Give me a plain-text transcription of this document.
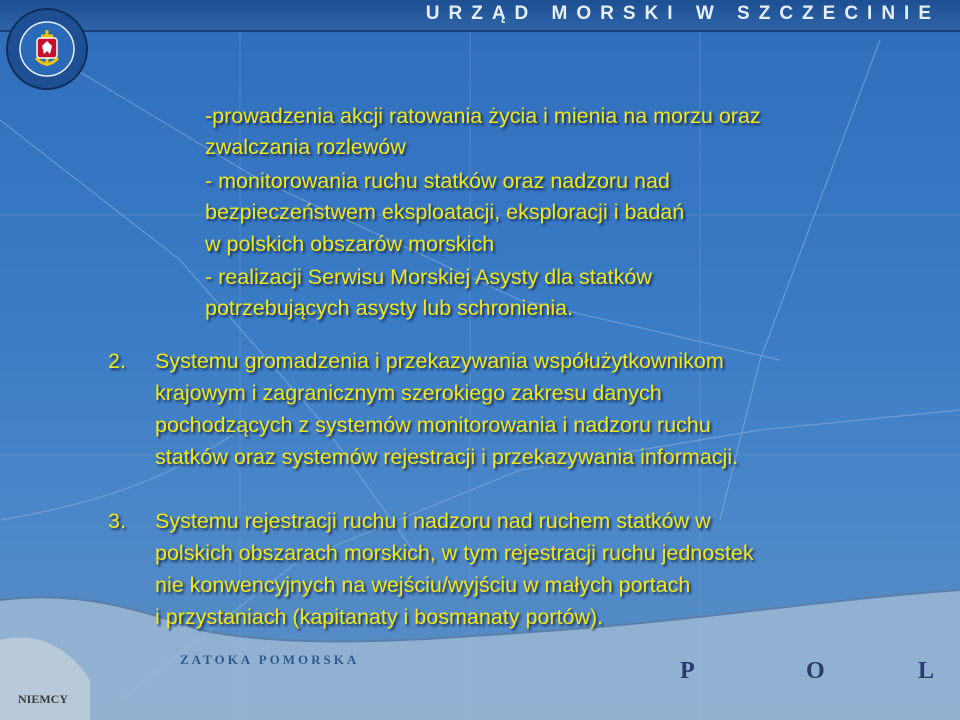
URZĄD MORSKI W SZCZECINIE
-prowadzenia akcji ratowania życia i mienia na morzu oraz
zwalczania rozlewów
- monitorowania ruchu statków oraz nadzoru nad
bezpieczeństwem eksploatacji, eksploracji i badań
w polskich obszarów morskich
- realizacji Serwisu Morskiej Asysty dla statków
potrzebujących asysty lub schronienia.
2. Systemu gromadzenia i przekazywania współużytkownikom
krajowym i zagranicznym szerokiego zakresu danych
pochodzących z systemów monitorowania i nadzoru ruchu
statków oraz systemów rejestracji i przekazywania informacji.
3. Systemu rejestracji ruchu i nadzoru nad ruchem statków w
polskich obszarach morskich, w tym rejestracji ruchu jednostek
nie konwencyjnych na wejściu/wyjściu w małych portach
i przystaniach (kapitanaty i bosmanaty portów).
NIEMCY
ZATOKA POMORSKA	P	O	L
